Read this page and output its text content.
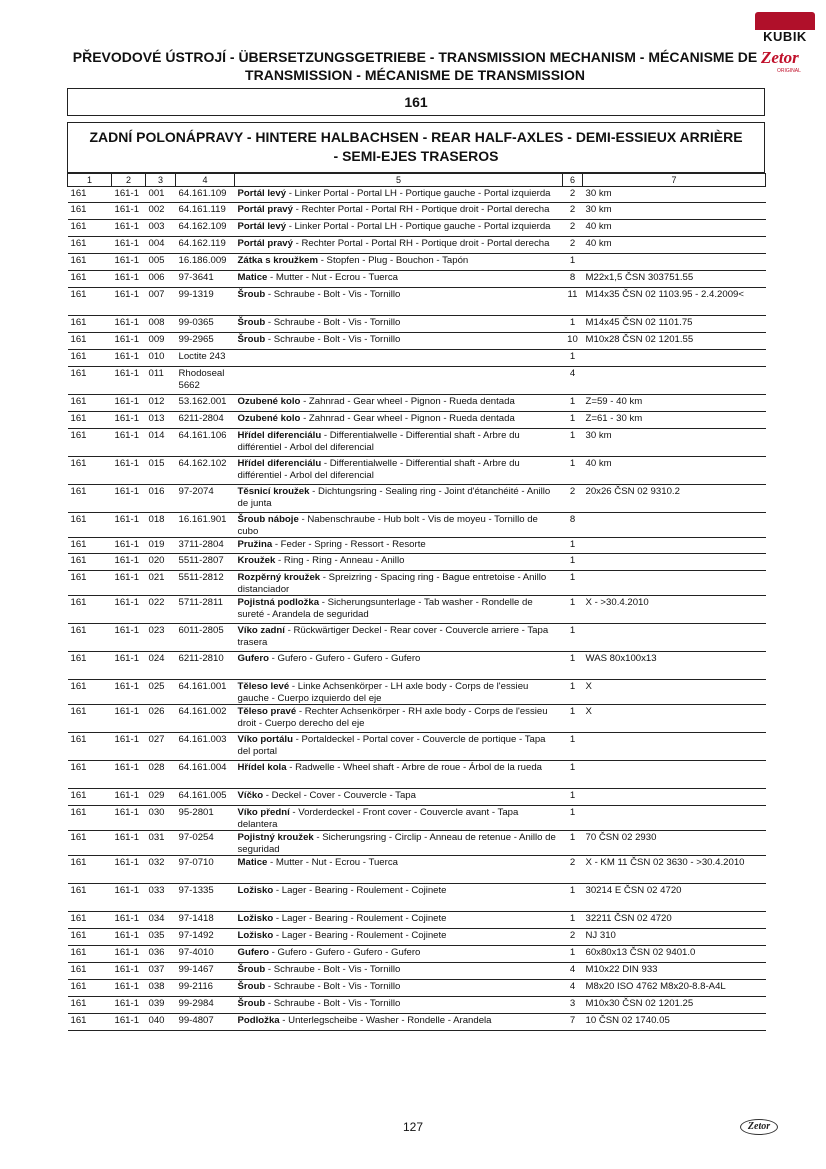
KUBIK
Zetor
ORIGINAL
PŘEVODOVÉ ÚSTROJÍ - ÜBERSETZUNGSGETRIEBE - TRANSMISSION MECHANISM - MÉCANISME DE TRANSMISSION - MÉCANISME DE TRANSMISSION
161
ZADNÍ POLONÁPRAVY - HINTERE HALBACHSEN - REAR HALF-AXLES - DEMI-ESSIEUX ARRIÈRE - SEMI-EJES TRASEROS
1	2	3	4	5	6	7
161	161-1	001	64.161.109	Portál levý - Linker Portal - Portal LH - Portique gauche - Portal izquierda	2	30 km
161	161-1	002	64.161.119	Portál pravý - Rechter Portal - Portal RH - Portique droit - Portal derecha	2	30 km
161	161-1	003	64.162.109	Portál levý - Linker Portal - Portal LH - Portique gauche - Portal izquierda	2	40 km
161	161-1	004	64.162.119	Portál pravý - Rechter Portal - Portal RH - Portique droit - Portal derecha	2	40 km
161	161-1	005	16.186.009	Zátka s kroužkem - Stopfen - Plug - Bouchon - Tapón	1	
161	161-1	006	97-3641	Matice - Mutter - Nut - Ecrou - Tuerca	8	M22x1,5 ČSN 303751.55
161	161-1	007	99-1319	Šroub - Schraube - Bolt - Vis - Tornillo	11	M14x35 ČSN 02 1103.95 - 2.4.2009<
161	161-1	008	99-0365	Šroub - Schraube - Bolt - Vis - Tornillo	1	M14x45 ČSN 02 1101.75
161	161-1	009	99-2965	Šroub - Schraube - Bolt - Vis - Tornillo	10	M10x28 ČSN 02 1201.55
161	161-1	010	Loctite 243		1	
161	161-1	011	Rhodoseal 5662		4	
161	161-1	012	53.162.001	Ozubené kolo - Zahnrad - Gear wheel - Pignon - Rueda dentada	1	Z=59 - 40 km
161	161-1	013	6211-2804	Ozubené kolo - Zahnrad - Gear wheel - Pignon - Rueda dentada	1	Z=61 - 30 km
161	161-1	014	64.161.106	Hřídel diferenciálu - Differentialwelle - Differential shaft - Arbre du différentiel - Arbol del diferencial	1	30 km
161	161-1	015	64.162.102	Hřídel diferenciálu - Differentialwelle - Differential shaft - Arbre du différentiel - Arbol del diferencial	1	40 km
161	161-1	016	97-2074	Těsnicí kroužek - Dichtungsring - Sealing ring - Joint d'étanchéité - Anillo de junta	2	20x26 ČSN 02 9310.2
161	161-1	018	16.161.901	Šroub náboje - Nabenschraube - Hub bolt - Vis de moyeu - Tornillo de cubo	8	
161	161-1	019	3711-2804	Pružina - Feder - Spring - Ressort - Resorte	1	
161	161-1	020	5511-2807	Kroužek - Ring - Ring - Anneau - Anillo	1	
161	161-1	021	5511-2812	Rozpěrný kroužek - Spreizring - Spacing ring - Bague entretoise - Anillo distanciador	1	
161	161-1	022	5711-2811	Pojistná podložka - Sicherungsunterlage - Tab washer - Rondelle de sureté - Arandela de seguridad	1	X - >30.4.2010
161	161-1	023	6011-2805	Víko zadní - Rückwärtiger Deckel - Rear cover - Couvercle arriere - Tapa trasera	1	
161	161-1	024	6211-2810	Gufero - Gufero - Gufero - Gufero - Gufero	1	WAS 80x100x13
161	161-1	025	64.161.001	Těleso levé - Linke Achsenkörper - LH axle body - Corps de l'essieu gauche - Cuerpo izquierdo del eje	1	X
161	161-1	026	64.161.002	Těleso pravé - Rechter Achsenkörper - RH axle body - Corps de l'essieu droit - Cuerpo derecho del eje	1	X
161	161-1	027	64.161.003	Víko portálu - Portaldeckel - Portal cover - Couvercle de portique - Tapa del portal	1	
161	161-1	028	64.161.004	Hřídel kola - Radwelle - Wheel shaft - Arbre de roue - Árbol de la rueda	1	
161	161-1	029	64.161.005	Víčko - Deckel - Cover - Couvercle - Tapa	1	
161	161-1	030	95-2801	Víko přední - Vorderdeckel - Front cover - Couvercle avant - Tapa delantera	1	
161	161-1	031	97-0254	Pojistný kroužek - Sicherungsring - Circlip - Anneau de retenue - Anillo de seguridad	1	70 ČSN 02 2930
161	161-1	032	97-0710	Matice - Mutter - Nut - Ecrou - Tuerca	2	X - KM 11 ČSN 02 3630 - >30.4.2010
161	161-1	033	97-1335	Ložisko - Lager - Bearing - Roulement - Cojinete	1	30214 E ČSN 02 4720
161	161-1	034	97-1418	Ložisko - Lager - Bearing - Roulement - Cojinete	1	32211 ČSN 02 4720
161	161-1	035	97-1492	Ložisko - Lager - Bearing - Roulement - Cojinete	2	NJ 310
161	161-1	036	97-4010	Gufero - Gufero - Gufero - Gufero - Gufero	1	60x80x13 ČSN 02 9401.0
161	161-1	037	99-1467	Šroub - Schraube - Bolt - Vis - Tornillo	4	M10x22 DIN 933
161	161-1	038	99-2116	Šroub - Schraube - Bolt - Vis - Tornillo	4	M8x20 ISO 4762 M8x20-8.8-A4L
161	161-1	039	99-2984	Šroub - Schraube - Bolt - Vis - Tornillo	3	M10x30 ČSN 02 1201.25
161	161-1	040	99-4807	Podložka - Unterlegscheibe - Washer - Rondelle - Arandela	7	10 ČSN 02 1740.05
127	Zetor
